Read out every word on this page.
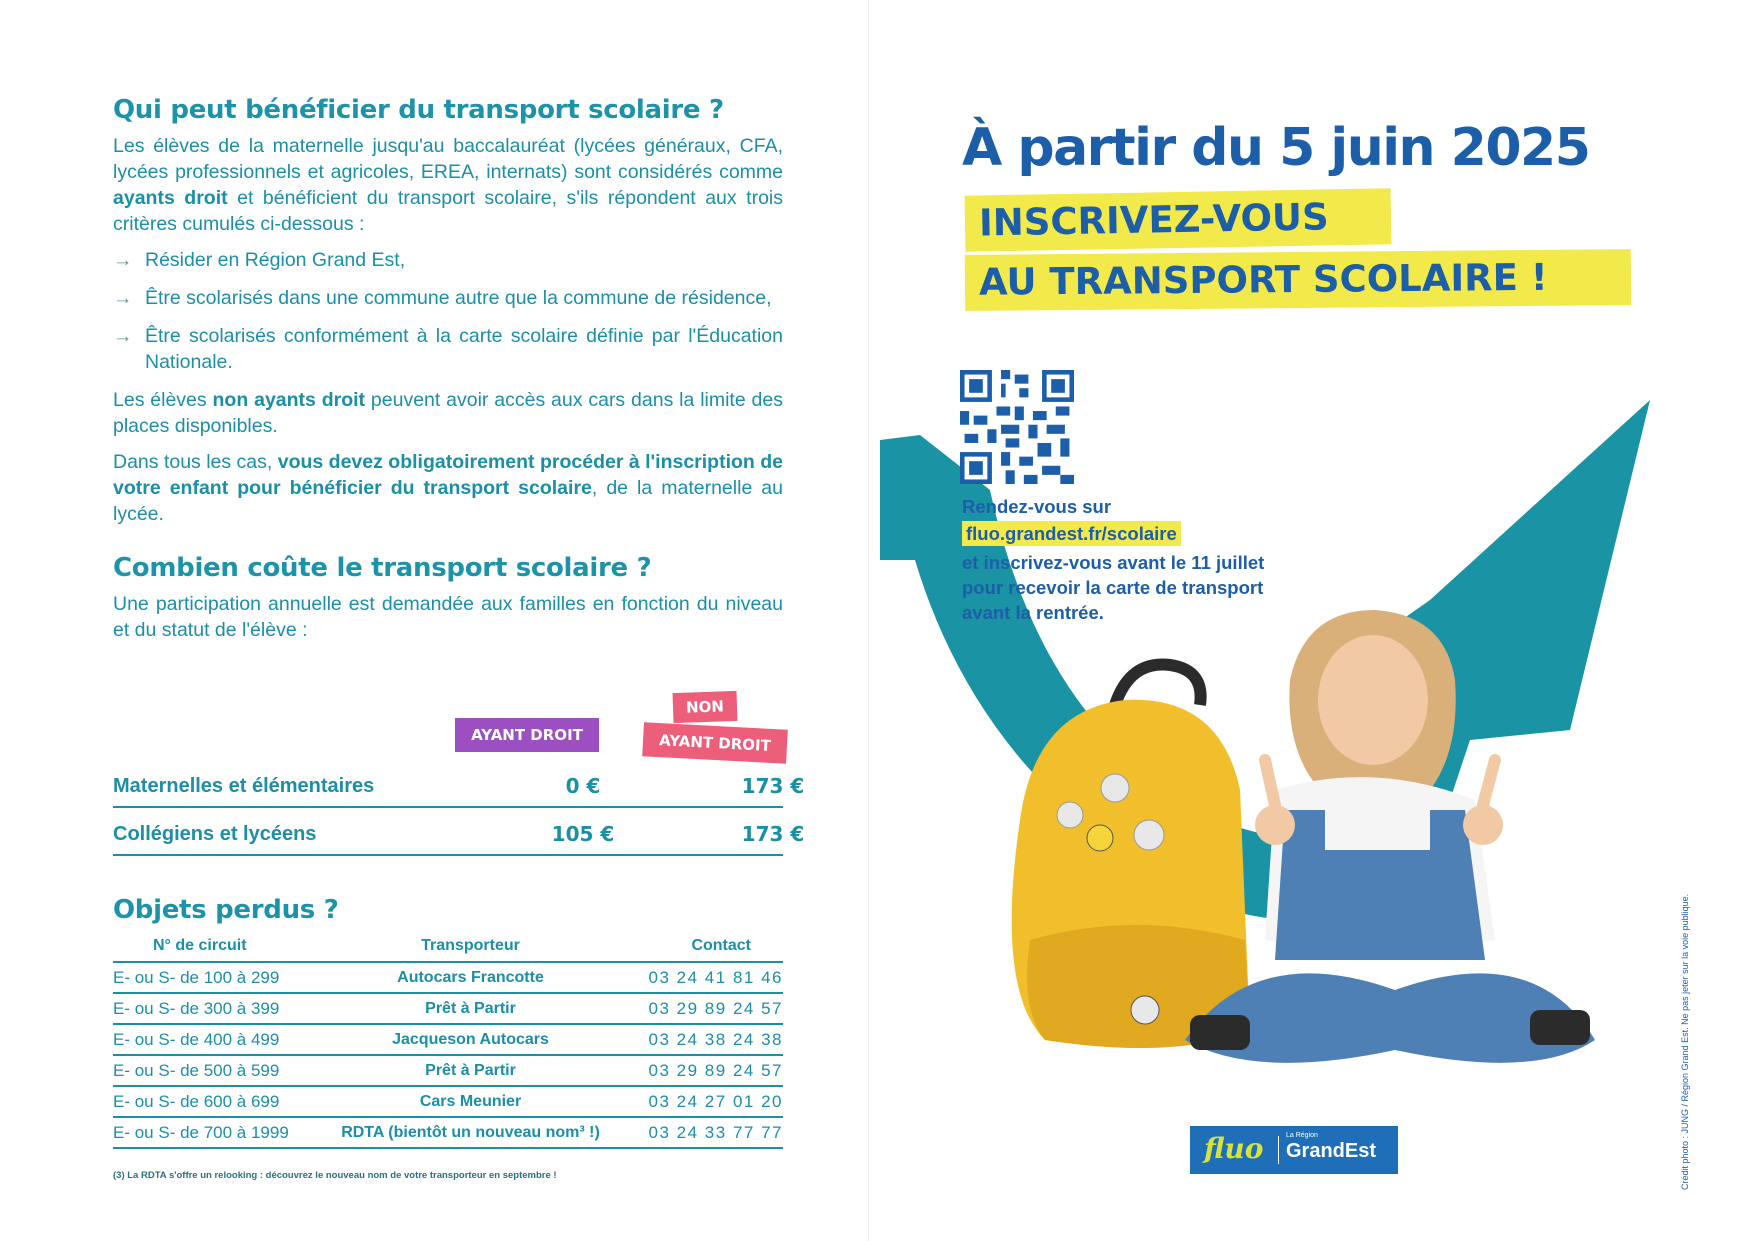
Qui peut bénéficier du transport scolaire ?

Les élèves de la maternelle jusqu'au baccalauréat (lycées généraux, CFA, lycées professionnels et agricoles, EREA, internats) sont considérés comme ayants droit et bénéficient du transport scolaire, s'ils répondent aux trois critères cumulés ci-dessous :

→ Résider en Région Grand Est,
→ Être scolarisés dans une commune autre que la commune de résidence,
→ Être scolarisés conformément à la carte scolaire définie par l'Éducation Nationale.

Les élèves non ayants droit peuvent avoir accès aux cars dans la limite des places disponibles.

Dans tous les cas, vous devez obligatoirement procéder à l'inscription de votre enfant pour bénéficier du transport scolaire, de la maternelle au lycée.

Combien coûte le transport scolaire ?

Une participation annuelle est demandée aux familles en fonction du niveau et du statut de l'élève :

AYANT DROIT
NON
AYANT DROIT
Maternelles et élémentaires	0 €	173 €
Collégiens et lycéens	105 €	173 €
Objets perdus ?
N° de circuit	Transporteur	Contact
E- ou S- de 100 à 299	Autocars Francotte	03 24 41 81 46
E- ou S- de 300 à 399	Prêt à Partir	03 29 89 24 57
E- ou S- de 400 à 499	Jacqueson Autocars	03 24 38 24 38
E- ou S- de 500 à 599	Prêt à Partir	03 29 89 24 57
E- ou S- de 600 à 699	Cars Meunier	03 24 27 01 20
E- ou S- de 700 à 1999	RDTA (bientôt un nouveau nom³ !)	03 24 33 77 77
(3) La RDTA s'offre un relooking : découvrez le nouveau nom de votre transporteur en septembre !
À partir du 5 juin 2025
INSCRIVEZ-VOUS
AU TRANSPORT SCOLAIRE !
Rendez-vous sur
fluo.grandest.fr/scolaire
et inscrivez-vous avant le 11 juillet
pour recevoir la carte de transport avant la rentrée.
fluo	La Région
GrandEst	Crédit photo : JUNG / Région Grand Est. Ne pas jeter sur la voie publique.
